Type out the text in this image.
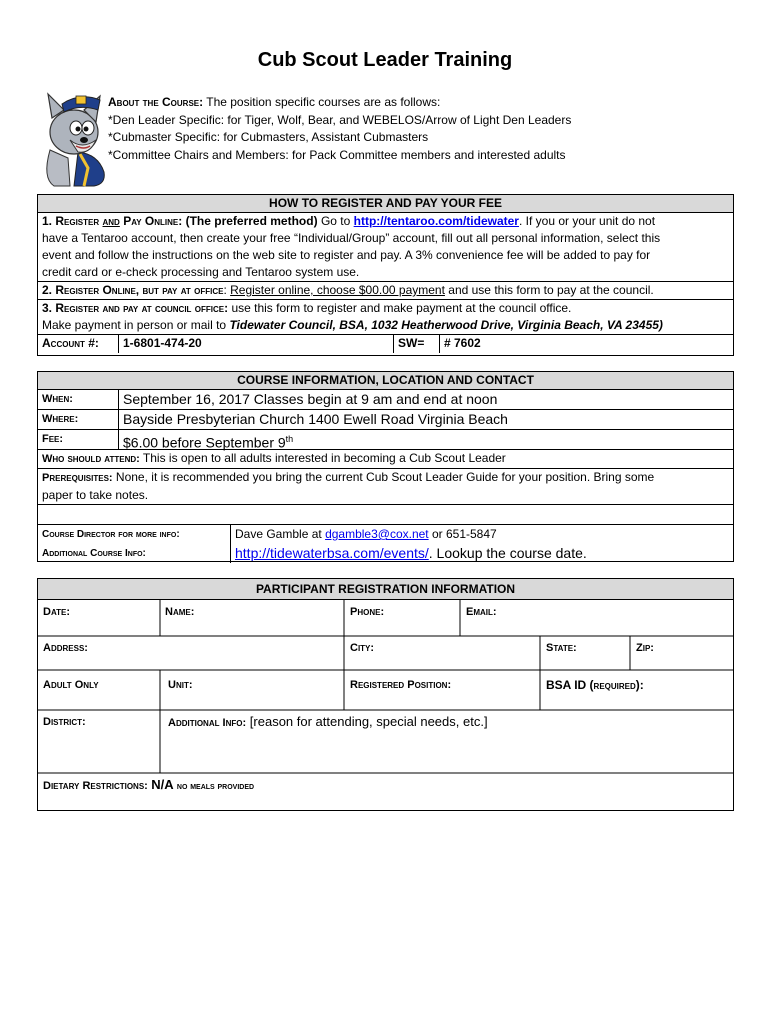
Cub Scout Leader Training
About the Course: The position specific courses are as follows:
*Den Leader Specific: for Tiger, Wolf, Bear, and WEBELOS/Arrow of Light Den Leaders
*Cubmaster Specific: for Cubmasters, Assistant Cubmasters
*Committee Chairs and Members: for Pack Committee members and interested adults
HOW TO REGISTER AND PAY YOUR FEE
1. Register and Pay Online: (The preferred method) Go to http://tentaroo.com/tidewater. If you or your unit do not
have a Tentaroo account, then create your free “Individual/Group” account, fill out all personal information, select this
event and follow the instructions on the web site to register and pay. A 3% convenience fee will be added to pay for
credit card or e-check processing and Tentaroo system use.
2. Register Online, but pay at office: Register online, choose $00.00 payment and use this form to pay at the council.
3. Register and pay at council office: use this form to register and make payment at the council office.
Make payment in person or mail to Tidewater Council, BSA, 1032 Heatherwood Drive, Virginia Beach, VA 23455)
Account #:	1-6801-474-20	SW=	# 7602
COURSE INFORMATION, LOCATION AND CONTACT
When:	September 16, 2017 Classes begin at 9 am and end at noon
Where:	Bayside Presbyterian Church 1400 Ewell Road Virginia Beach
Fee:	$6.00 before September 9th
Who should attend: This is open to all adults interested in becoming a Cub Scout Leader
Prerequisites: None, it is recommended you bring the current Cub Scout Leader Guide for your position. Bring some
paper to take notes.
Course Director for more info:	Dave Gamble at dgamble3@cox.net or 651-5847
Additional Course Info:	http://tidewaterbsa.com/events/. Lookup the course date.
PARTICIPANT REGISTRATION INFORMATION
Date:	Name:	Phone:	Email:
Address:	City:	State:	Zip:
Adult Only	Unit:	Registered Position:	BSA ID (required):
District:	Additional Info: [reason for attending, special needs, etc.]
Dietary Restrictions: N/A no meals provided
